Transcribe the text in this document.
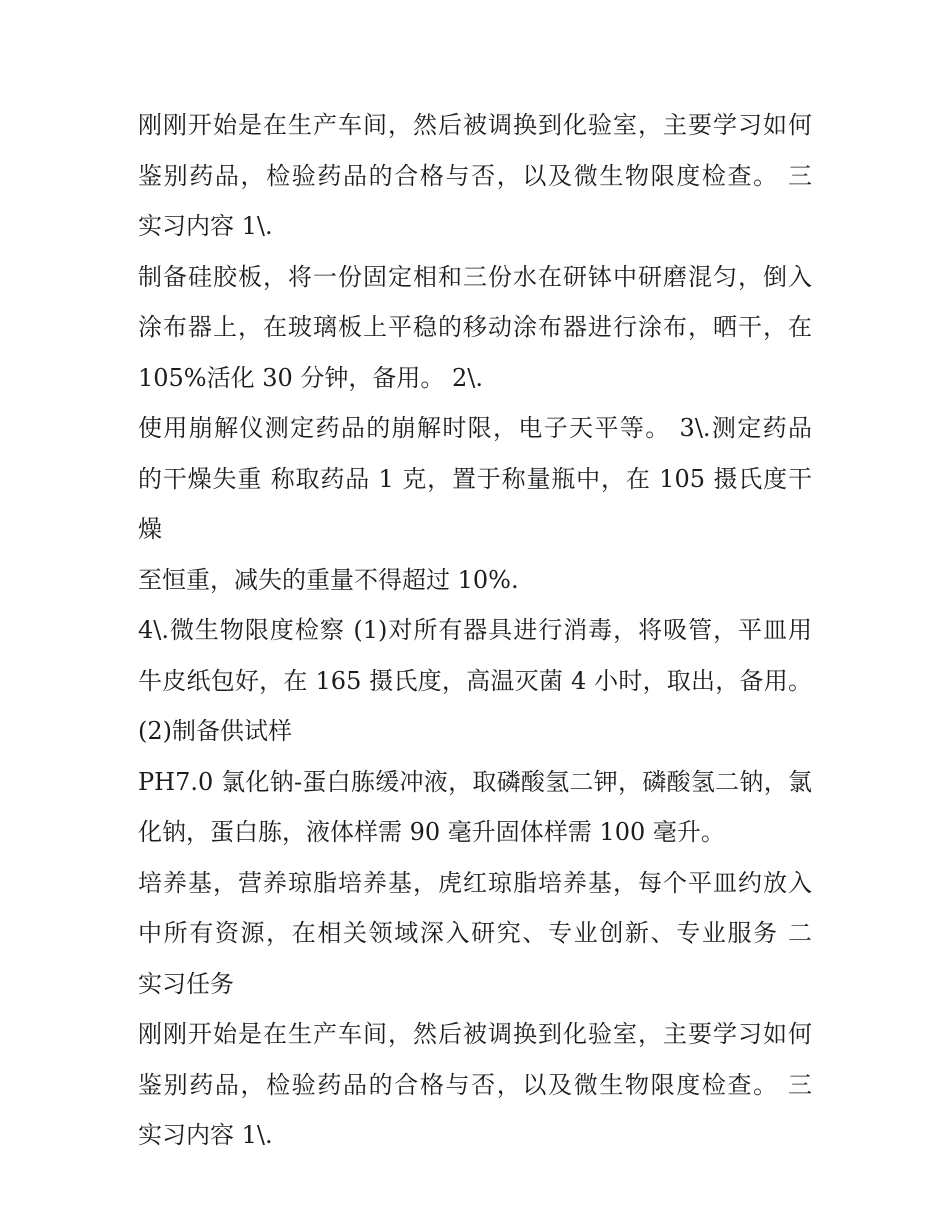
刚刚开始是在生产车间，然后被调换到化验室，主要学习如何
鉴别药品，检验药品的合格与否，以及微生物限度检查。 三
实习内容 1\.
制备硅胶板，将一份固定相和三份水在研钵中研磨混匀，倒入
涂布器上，在玻璃板上平稳的移动涂布器进行涂布，晒干，在
105%活化 30 分钟，备用。 2\.
使用崩解仪测定药品的崩解时限，电子天平等。 3\.测定药品
的干燥失重 称取药品 1 克，置于称量瓶中，在 105 摄氏度干燥
至恒重，减失的重量不得超过 10%.
4\.微生物限度检察 (1)对所有器具进行消毒，将吸管，平皿用
牛皮纸包好，在 165 摄氏度，高温灭菌 4 小时，取出，备用。
(2)制备供试样
PH7.0 氯化钠-蛋白胨缓冲液，取磷酸氢二钾，磷酸氢二钠，氯
化钠，蛋白胨，液体样需 90 毫升固体样需 100 毫升。
培养基，营养琼脂培养基，虎红琼脂培养基，每个平皿约放入
中所有资源，在相关领域深入研究、专业创新、专业服务 二
实习任务
刚刚开始是在生产车间，然后被调换到化验室，主要学习如何
鉴别药品，检验药品的合格与否，以及微生物限度检查。 三
实习内容 1\.
